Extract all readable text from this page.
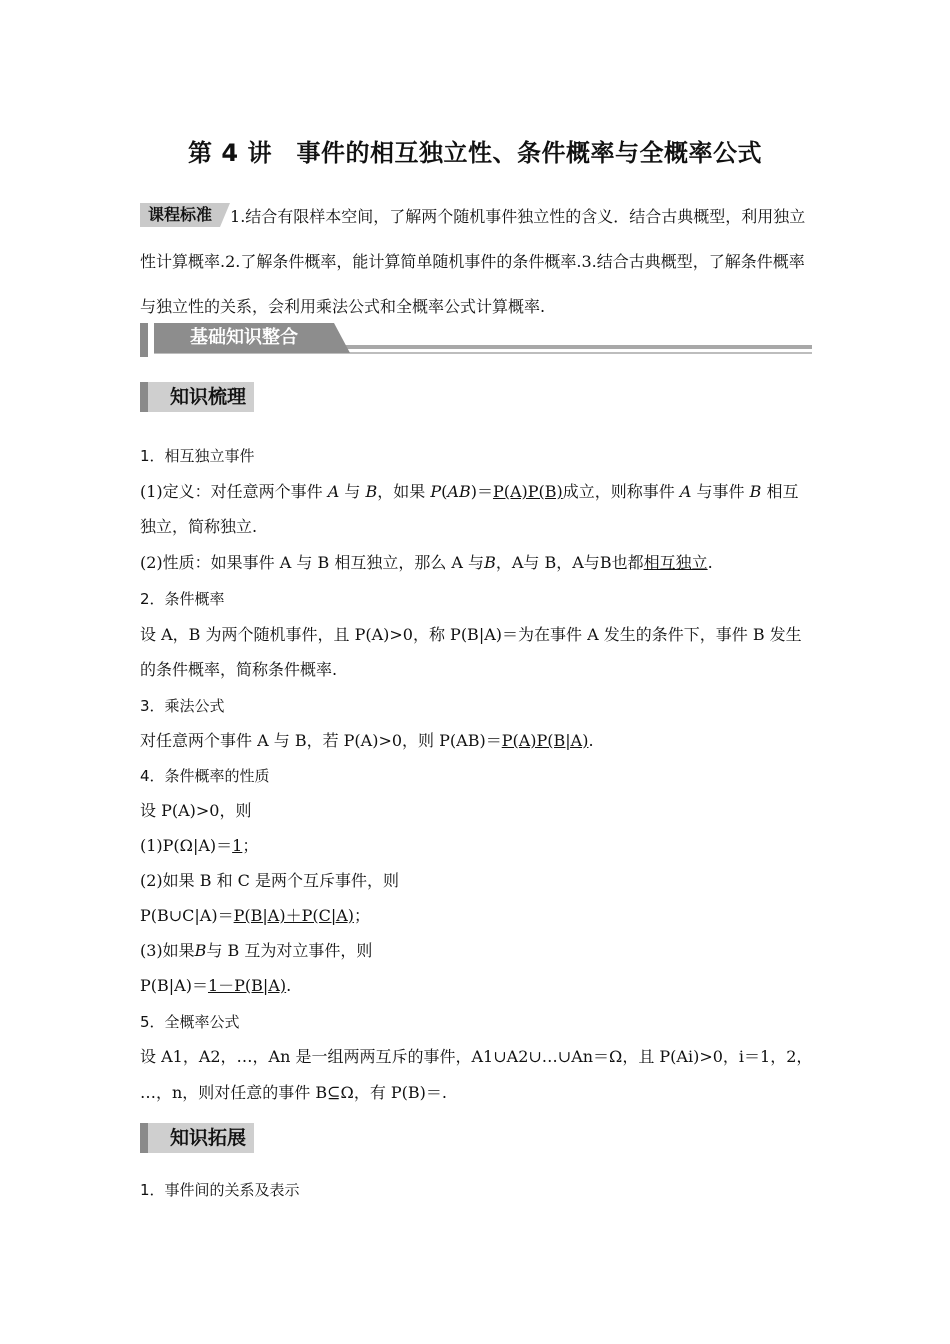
第 4 讲　事件的相互独立性、条件概率与全概率公式
课程标准 1.结合有限样本空间，了解两个随机事件独立性的含义．结合古典概型，利用独立性计算概率.2.了解条件概率，能计算简单随机事件的条件概率.3.结合古典概型，了解条件概率与独立性的关系，会利用乘法公式和全概率公式计算概率.
基础知识整合
知识梳理
1．相互独立事件
(1)定义：对任意两个事件 A 与 B，如果 P(AB)＝P(A)P(B)成立，则称事件 A 与事件 B 相互独立，简称独立.
(2)性质：如果事件 A 与 B 相互独立，那么 A 与B，A与 B，A与B也都相互独立.
2．条件概率
设 A，B 为两个随机事件，且 P(A)>0，称 P(B|A)＝为在事件 A 发生的条件下，事件 B 发生的条件概率，简称条件概率.
3．乘法公式
对任意两个事件 A 与 B，若 P(A)>0，则 P(AB)＝P(A)P(B|A).
4．条件概率的性质
设 P(A)>0，则
(1)P(Ω|A)＝1；
(2)如果 B 和 C 是两个互斥事件，则
P(B∪C|A)＝P(B|A)＋P(C|A)；
(3)如果B与 B 互为对立事件，则
P(B|A)＝1－P(B|A).
5．全概率公式
设 A1，A2，…，An 是一组两两互斥的事件，A1∪A2∪…∪An＝Ω，且 P(Ai)>0，i＝1，2，
…，n，则对任意的事件 B⊆Ω，有 P(B)＝.
知识拓展
1．事件间的关系及表示
